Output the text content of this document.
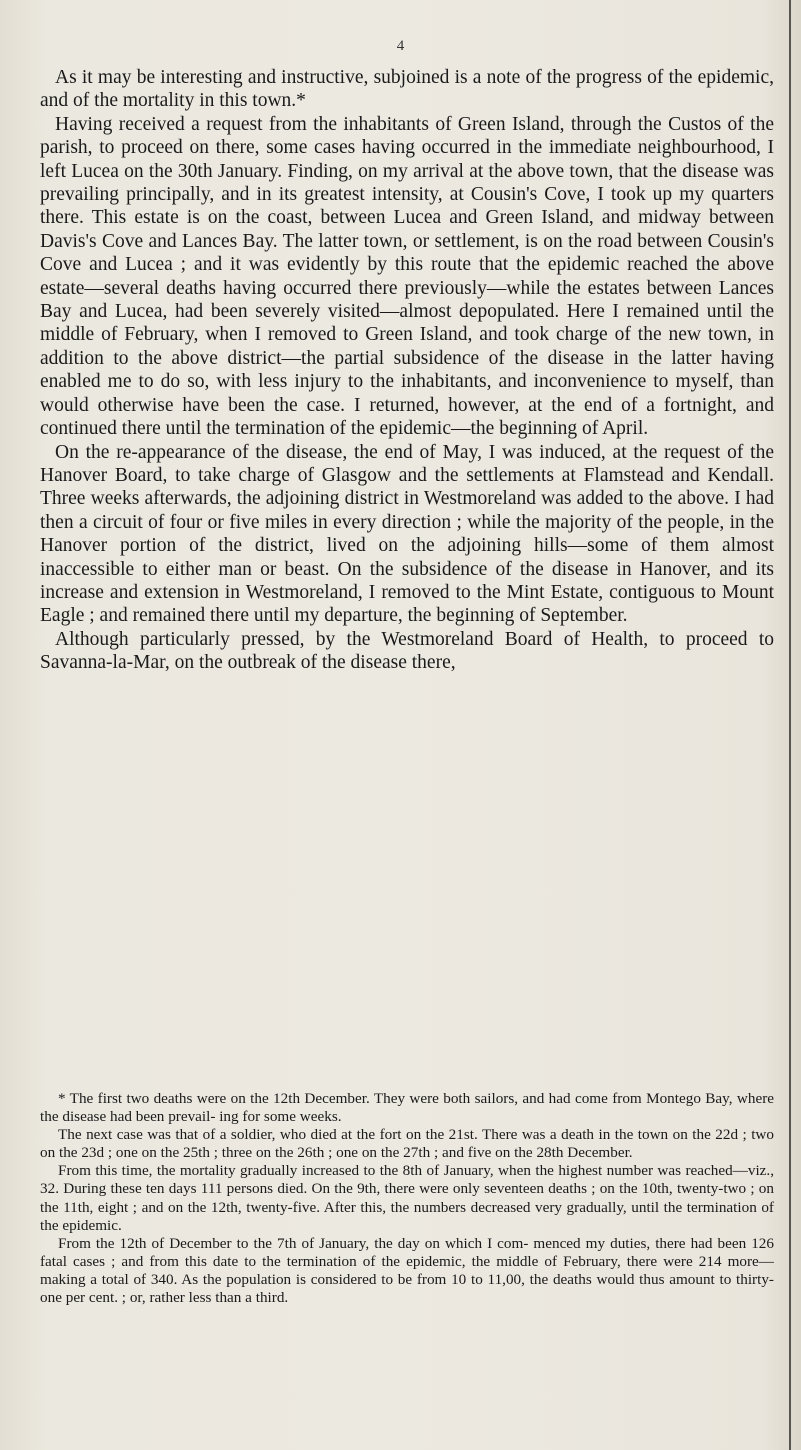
4

As it may be interesting and instructive, subjoined is a note of the progress of the epidemic, and of the mortality in this town.*

Having received a request from the inhabitants of Green Island, through the Custos of the parish, to proceed on there, some cases having occurred in the immediate neighbourhood, I left Lucea on the 30th January. Finding, on my arrival at the above town, that the disease was prevailing principally, and in its greatest intensity, at Cousin's Cove, I took up my quarters there. This estate is on the coast, between Lucea and Green Island, and midway between Davis's Cove and Lances Bay. The latter town, or settlement, is on the road between Cousin's Cove and Lucea ; and it was evidently by this route that the epidemic reached the above estate—several deaths having occurred there previously—while the estates between Lances Bay and Lucea, had been severely visited—almost depopulated. Here I remained until the middle of February, when I removed to Green Island, and took charge of the new town, in addition to the above district—the partial subsidence of the disease in the latter having enabled me to do so, with less injury to the inhabitants, and inconvenience to myself, than would otherwise have been the case. I returned, however, at the end of a fortnight, and continued there until the termination of the epidemic—the beginning of April.

On the re-appearance of the disease, the end of May, I was induced, at the request of the Hanover Board, to take charge of Glasgow and the settlements at Flamstead and Kendall. Three weeks afterwards, the adjoining district in Westmoreland was added to the above. I had then a circuit of four or five miles in every direction ; while the majority of the people, in the Hanover portion of the district, lived on the adjoining hills—some of them almost inaccessible to either man or beast. On the subsidence of the disease in Hanover, and its increase and extension in Westmoreland, I removed to the Mint Estate, contiguous to Mount Eagle ; and remained there until my departure, the beginning of September.

Although particularly pressed, by the Westmoreland Board of Health, to proceed to Savanna-la-Mar, on the outbreak of the disease there,

* The first two deaths were on the 12th December. They were both sailors, and had come from Montego Bay, where the disease had been prevail- ing for some weeks.

The next case was that of a soldier, who died at the fort on the 21st. There was a death in the town on the 22d ; two on the 23d ; one on the 25th ; three on the 26th ; one on the 27th ; and five on the 28th December.

From this time, the mortality gradually increased to the 8th of January, when the highest number was reached—viz., 32. During these ten days 111 persons died. On the 9th, there were only seventeen deaths ; on the 10th, twenty-two ; on the 11th, eight ; and on the 12th, twenty-five. After this, the numbers decreased very gradually, until the termination of the epidemic.

From the 12th of December to the 7th of January, the day on which I com- menced my duties, there had been 126 fatal cases ; and from this date to the termination of the epidemic, the middle of February, there were 214 more— making a total of 340. As the population is considered to be from 10 to 11,00, the deaths would thus amount to thirty-one per cent. ; or, rather less than a third.
